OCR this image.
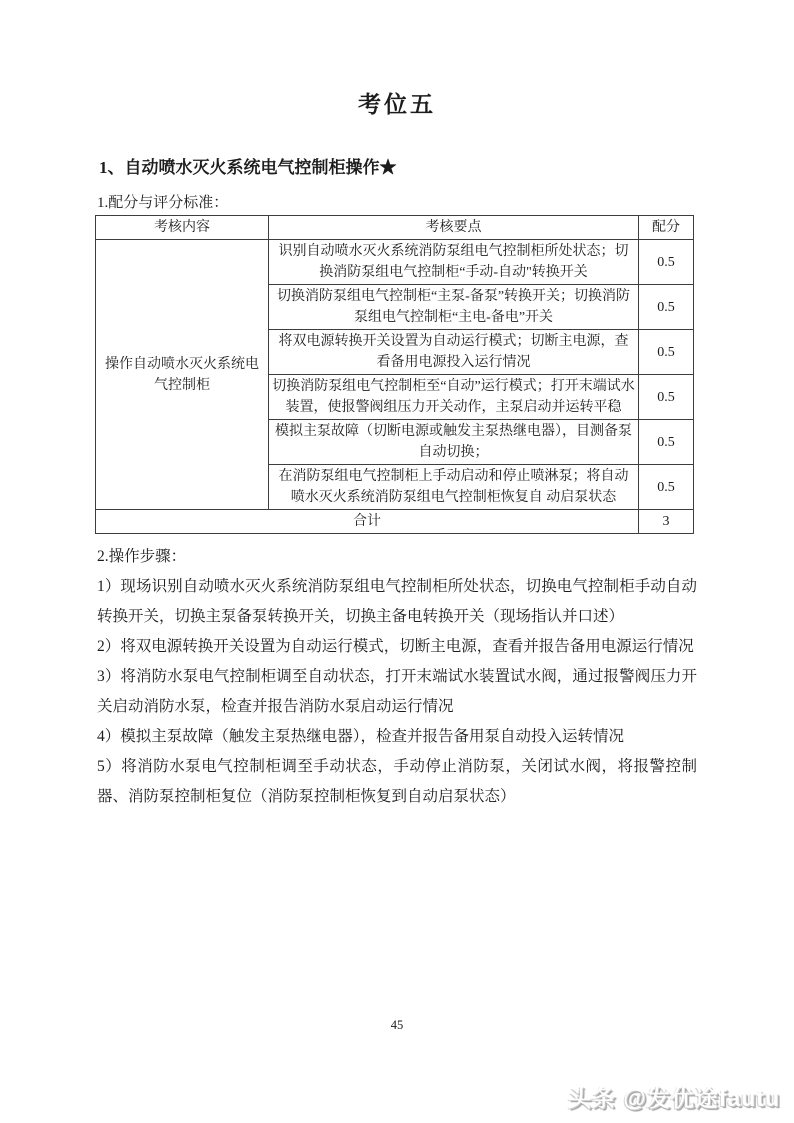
考位五
1、自动喷水灭火系统电气控制柜操作★
1.配分与评分标准：
考核内容	考核要点	配分
操作自动喷水灭火系统电气控制柜	识别自动喷水灭火系统消防泵组电气控制柜所处状态；切换消防泵组电气控制柜“手动-自动"转换开关	0.5
	切换消防泵组电气控制柜“主泵-备泵”转换开关；切换消防泵组电气控制柜“主电-备电”开关	0.5
	将双电源转换开关设置为自动运行模式；切断主电源，查看备用电源投入运行情况	0.5
	切换消防泵组电气控制柜至“自动”运行模式；打开末端试水装置，使报警阀组压力开关动作，主泵启动并运转平稳	0.5
	模拟主泵故障（切断电源或触发主泵热继电器），目测备泵自动切换；	0.5
	在消防泵组电气控制柜上手动启动和停止喷淋泵；将自动喷水灭火系统消防泵组电气控制柜恢复自 动启泵状态	0.5
合计		3

2.操作步骤：

1）现场识别自动喷水灭火系统消防泵组电气控制柜所处状态，切换电气控制柜手动自动转换开关，切换主泵备泵转换开关，切换主备电转换开关（现场指认并口述）

2）将双电源转换开关设置为自动运行模式，切断主电源，查看并报告备用电源运行情况

3）将消防水泵电气控制柜调至自动状态，打开末端试水装置试水阀，通过报警阀压力开关启动消防水泵，检查并报告消防水泵启动运行情况

4）模拟主泵故障（触发主泵热继电器），检查并报告备用泵自动投入运转情况

5）将消防水泵电气控制柜调至手动状态，手动停止消防泵，关闭试水阀，将报警控制器、消防泵控制柜复位（消防泵控制柜恢复到自动启泵状态）

45
头条 @发优途fautu
